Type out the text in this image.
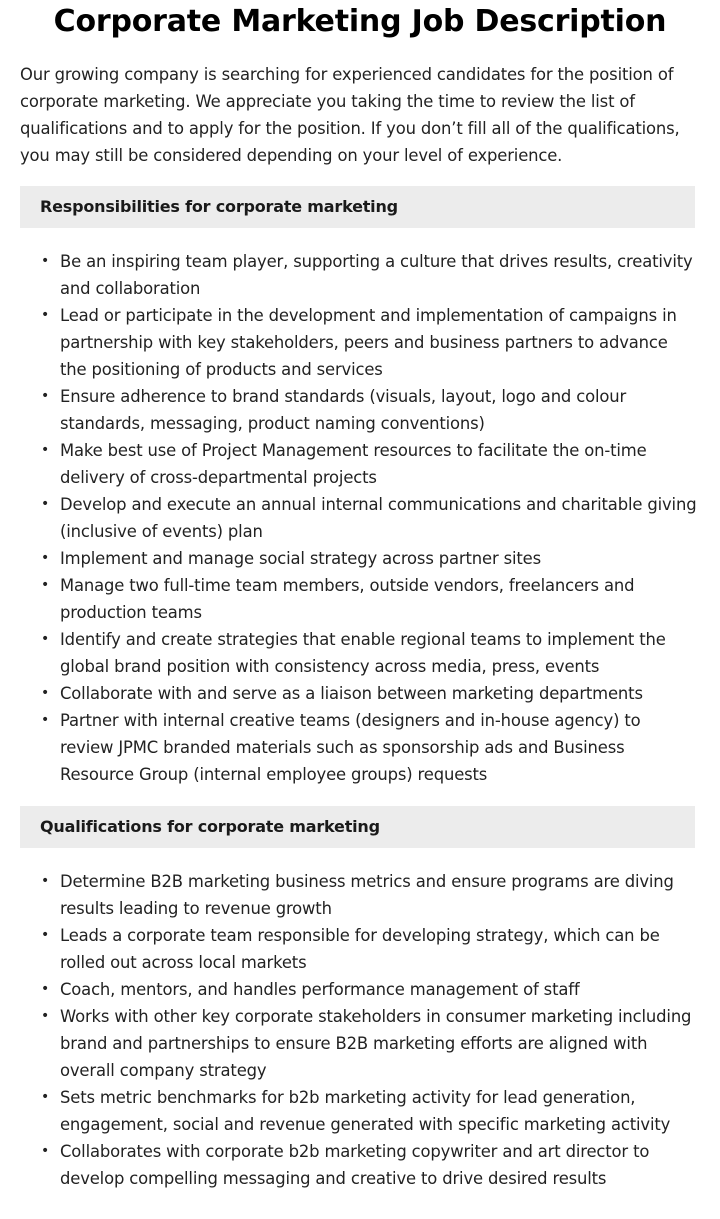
Corporate Marketing Job Description

Our growing company is searching for experienced candidates for the position of corporate marketing. We appreciate you taking the time to review the list of qualifications and to apply for the position. If you don’t fill all of the qualifications, you may still be considered depending on your level of experience.

Responsibilities for corporate marketing
• Be an inspiring team player, supporting a culture that drives results, creativity and collaboration
• Lead or participate in the development and implementation of campaigns in partnership with key stakeholders, peers and business partners to advance the positioning of products and services
• Ensure adherence to brand standards (visuals, layout, logo and colour standards, messaging, product naming conventions)
• Make best use of Project Management resources to facilitate the on-time delivery of cross-departmental projects
• Develop and execute an annual internal communications and charitable giving (inclusive of events) plan
• Implement and manage social strategy across partner sites
• Manage two full-time team members, outside vendors, freelancers and production teams
• Identify and create strategies that enable regional teams to implement the global brand position with consistency across media, press, events
• Collaborate with and serve as a liaison between marketing departments
• Partner with internal creative teams (designers and in-house agency) to review JPMC branded materials such as sponsorship ads and Business Resource Group (internal employee groups) requests
Qualifications for corporate marketing
• Determine B2B marketing business metrics and ensure programs are diving results leading to revenue growth
• Leads a corporate team responsible for developing strategy, which can be rolled out across local markets
• Coach, mentors, and handles performance management of staff
• Works with other key corporate stakeholders in consumer marketing including brand and partnerships to ensure B2B marketing efforts are aligned with overall company strategy
• Sets metric benchmarks for b2b marketing activity for lead generation, engagement, social and revenue generated with specific marketing activity
• Collaborates with corporate b2b marketing copywriter and art director to develop compelling messaging and creative to drive desired results
